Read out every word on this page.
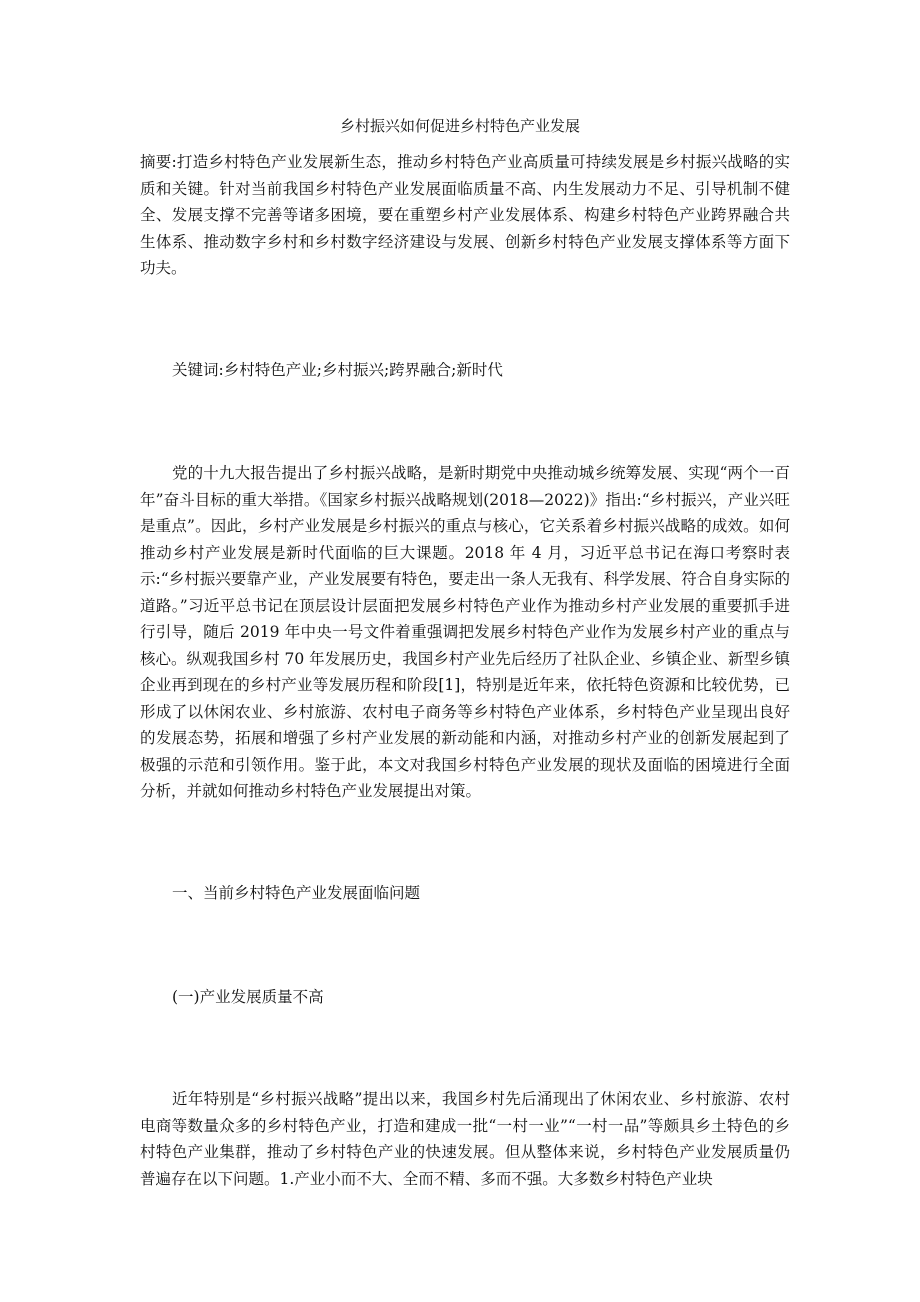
乡村振兴如何促进乡村特色产业发展
摘要:打造乡村特色产业发展新生态，推动乡村特色产业高质量可持续发展是乡村振兴战略的实质和关键。针对当前我国乡村特色产业发展面临质量不高、内生发展动力不足、引导机制不健全、发展支撑不完善等诸多困境，要在重塑乡村产业发展体系、构建乡村特色产业跨界融合共生体系、推动数字乡村和乡村数字经济建设与发展、创新乡村特色产业发展支撑体系等方面下功夫。
关键词:乡村特色产业;乡村振兴;跨界融合;新时代
党的十九大报告提出了乡村振兴战略，是新时期党中央推动城乡统筹发展、实现“两个一百年”奋斗目标的重大举措。《国家乡村振兴战略规划(2018—2022)》指出:“乡村振兴，产业兴旺是重点”。因此，乡村产业发展是乡村振兴的重点与核心，它关系着乡村振兴战略的成效。如何推动乡村产业发展是新时代面临的巨大课题。2018 年 4 月，习近平总书记在海口考察时表示:“乡村振兴要靠产业，产业发展要有特色，要走出一条人无我有、科学发展、符合自身实际的道路。”习近平总书记在顶层设计层面把发展乡村特色产业作为推动乡村产业发展的重要抓手进行引导，随后 2019 年中央一号文件着重强调把发展乡村特色产业作为发展乡村产业的重点与核心。纵观我国乡村 70 年发展历史，我国乡村产业先后经历了社队企业、乡镇企业、新型乡镇企业再到现在的乡村产业等发展历程和阶段[1]，特别是近年来，依托特色资源和比较优势，已形成了以休闲农业、乡村旅游、农村电子商务等乡村特色产业体系，乡村特色产业呈现出良好的发展态势，拓展和增强了乡村产业发展的新动能和内涵，对推动乡村产业的创新发展起到了极强的示范和引领作用。鉴于此，本文对我国乡村特色产业发展的现状及面临的困境进行全面分析，并就如何推动乡村特色产业发展提出对策。
一、当前乡村特色产业发展面临问题
(一)产业发展质量不高
近年特别是“乡村振兴战略”提出以来，我国乡村先后涌现出了休闲农业、乡村旅游、农村电商等数量众多的乡村特色产业，打造和建成一批“一村一业”“一村一品”等颇具乡土特色的乡村特色产业集群，推动了乡村特色产业的快速发展。但从整体来说，乡村特色产业发展质量仍普遍存在以下问题。1.产业小而不大、全而不精、多而不强。大多数乡村特色产业块
